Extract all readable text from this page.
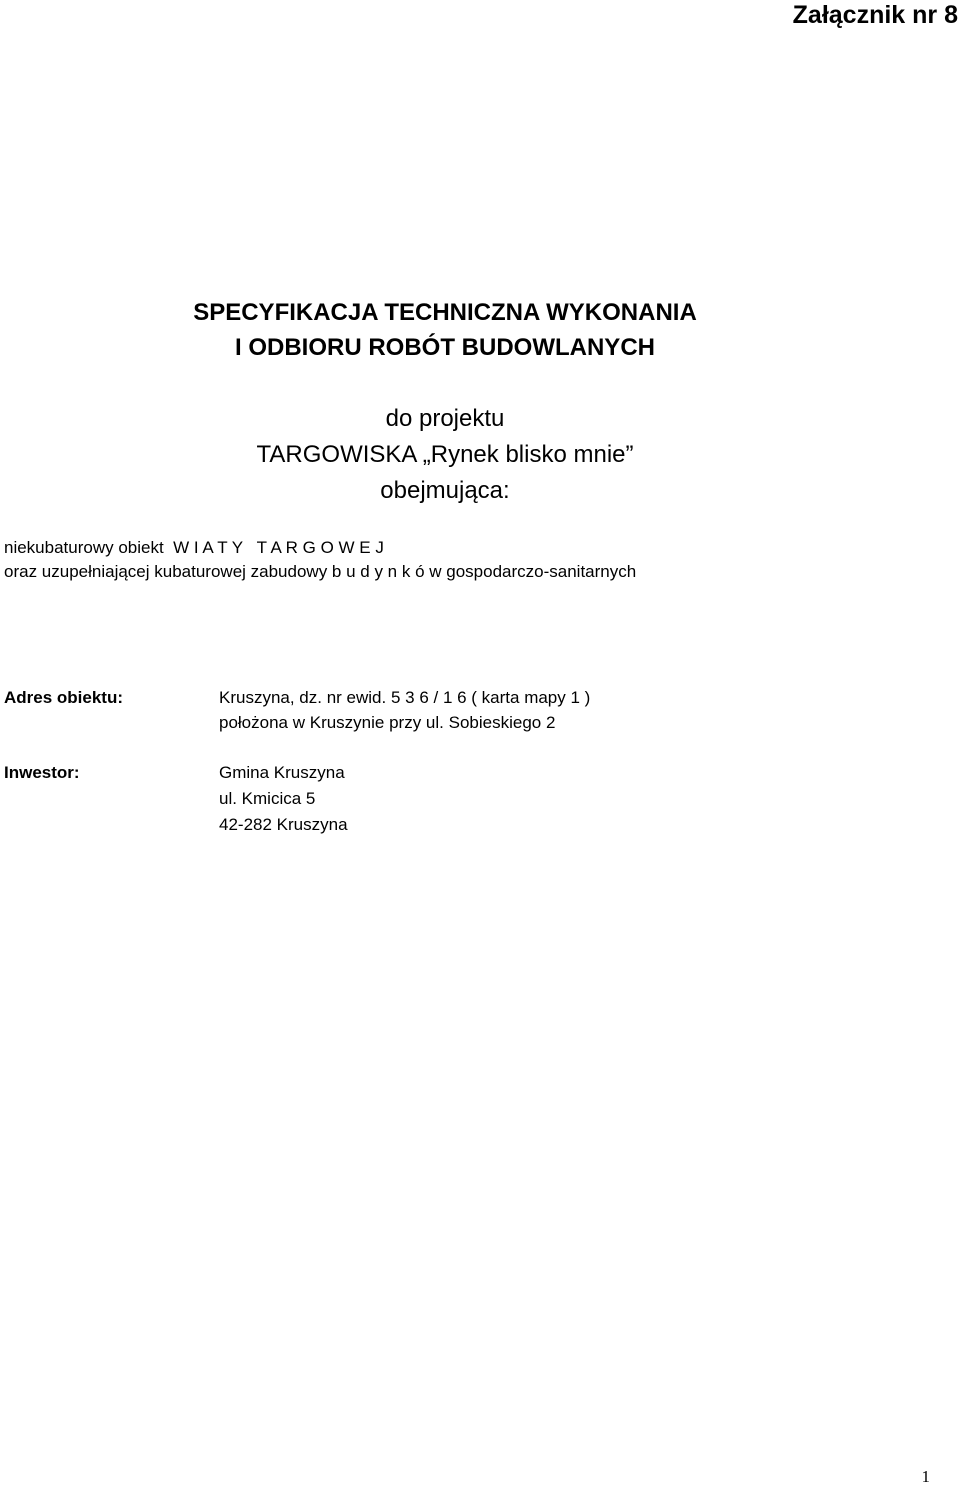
Załącznik nr 8
SPECYFIKACJA TECHNICZNA WYKONANIA
I ODBIORU ROBÓT BUDOWLANYCH
do projektu
TARGOWISKA „Rynek blisko mnie”
obejmująca:
niekubaturowy obiekt  W I A T Y   T A R G O W E J
oraz uzupełniającej kubaturowej zabudowy b u d y n k ó w gospodarczo-sanitarnych
Adres obiektu:	Kruszyna, dz. nr ewid. 5 3 6 / 1 6 ( karta mapy 1 )
położona w Kruszynie przy ul. Sobieskiego 2
Inwestor:	Gmina Kruszyna
ul. Kmicica 5
42-282 Kruszyna
1
